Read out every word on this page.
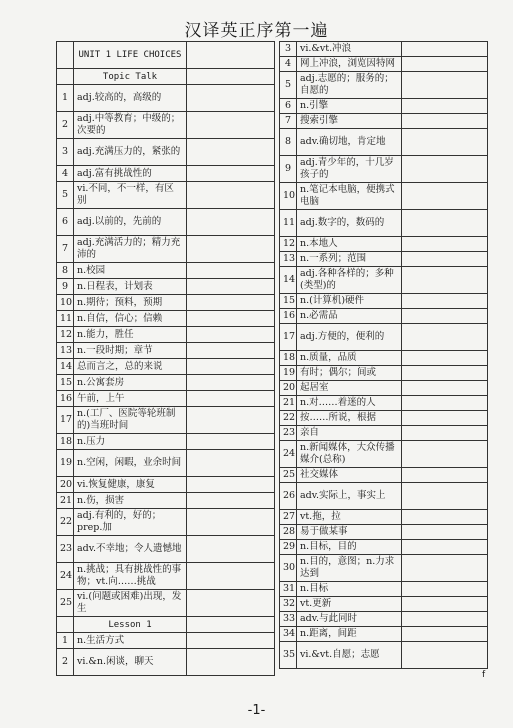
汉译英正序第一遍
	UNIT 1 LIFE CHOICES	
	Topic Talk	
1	adj.较高的，高级的	
2	adj.中等教育；中级的；次要的	
3	adj.充满压力的，紧张的	
4	adj.富有挑战性的	
5	vi.不同，不一样，有区别	
6	adj.以前的，先前的	
7	adj.充满活力的；精力充沛的	
8	n.校园	
9	n.日程表，计划表	
10	n.期待；预料，预期	
11	n.自信，信心；信赖	
12	n.能力，胜任	
13	n.一段时期；章节	
14	总而言之，总的来说	
15	n.公寓套房	
16	午前，上午	
17	n.(工厂、医院等轮班制的)当班时间	
18	n.压力	
19	n.空闲，闲暇，业余时间	
20	vi.恢复健康，康复	
21	n.伤，损害	
22	adj.有利的，好的；prep.加	
23	adv.不幸地；令人遗憾地	
24	n.挑战；具有挑战性的事物；vt.向……挑战	
25	vi.(问题或困难)出现，发生	
	Lesson 1	
1	n.生活方式	
2	vi.&n.闲谈，聊天	
3	vi.&vt.冲浪	
4	网上冲浪，浏览因特网	
5	adj.志愿的；服务的；自愿的	
6	n.引擎	
7	搜索引擎	
8	adv.确切地，肯定地	
9	adj.青少年的，十几岁孩子的	
10	n.笔记本电脑，便携式电脑	
11	adj.数字的，数码的	
12	n.本地人	
13	n.一系列；范围	
14	adj.各种各样的；多种(类型)的	
15	n.(计算机)硬件	
16	n.必需品	
17	adj.方便的，便利的	
18	n.质量，品质	
19	有时；偶尔；间或	
20	起居室	
21	n.对……着迷的人	
22	按……所说，根据	
23	亲自	
24	n.新闻媒体，大众传播媒介(总称)	
25	社交媒体	
26	adv.实际上，事实上	
27	vt.拖，拉	
28	易于做某事	
29	n.目标，目的	
30	n.目的，意图；n.力求达到	
31	n.目标	
32	vt.更新	
33	adv.与此同时	
34	n.距离，间距	
35	vi.&vt.自愿；志愿	
f
-1-
